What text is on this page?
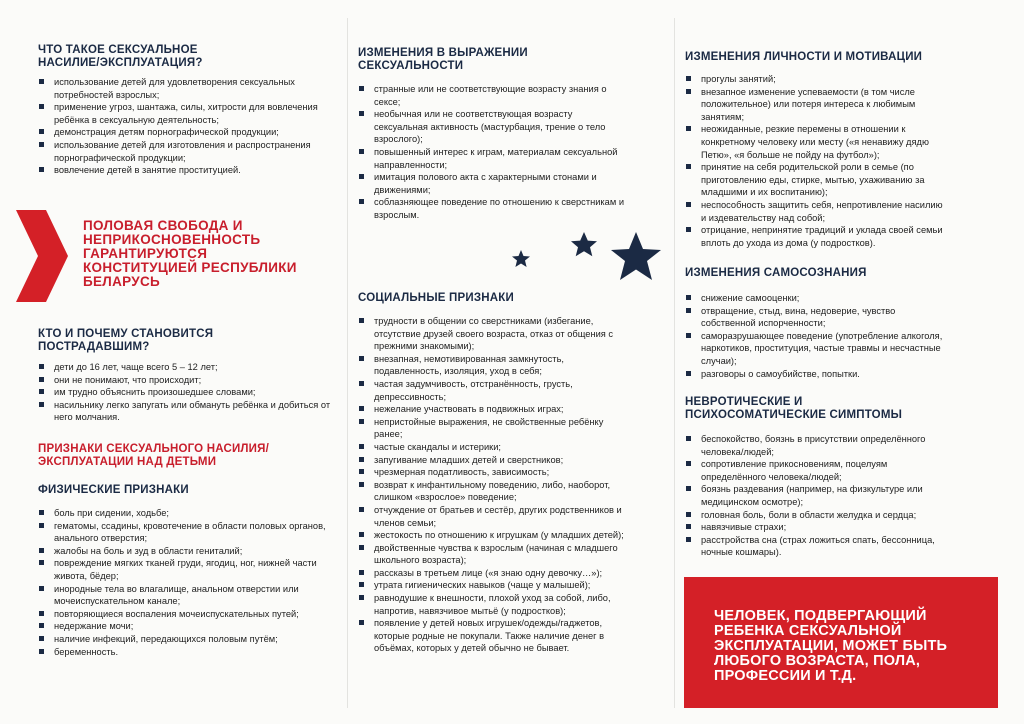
ЧТО ТАКОЕ СЕКСУАЛЬНОЕ НАСИЛИЕ/ЭКСПЛУАТАЦИЯ?
использование детей для удовлетворения сексуальных потребностей взрослых;
применение угроз, шантажа, силы, хитрости для вовлечения ребёнка в сексуальную деятельность;
демонстрация детям порнографической продукции;
использование детей для изготовления и распространения порнографической продукции;
вовлечение детей в занятие проституцией.
КТО И ПОЧЕМУ СТАНОВИТСЯ ПОСТРАДАВШИМ?
дети до 16 лет, чаще всего 5 – 12 лет;
они не понимают, что происходит;
им трудно объяснить произошедшее словами;
насильнику легко запугать или обмануть ребёнка и добиться от него молчания.
ПРИЗНАКИ СЕКСУАЛЬНОГО НАСИЛИЯ/ЭКСПЛУАТАЦИИ НАД ДЕТЬМИ
ФИЗИЧЕСКИЕ ПРИЗНАКИ
боль при сидении, ходьбе;
гематомы, ссадины, кровотечение в области половых органов, анального отверстия;
жалобы на боль и зуд в области гениталий;
повреждение мягких тканей груди, ягодиц, ног, нижней части живота, бёдер;
инородные тела во влагалище, анальном отверстии или мочеиспускательном канале;
повторяющиеся воспаления мочеиспускательных путей;
недержание мочи;
наличие инфекций, передающихся половым путём;
беременность.
ПОЛОВАЯ СВОБОДА И НЕПРИКОСНОВЕННОСТЬ ГАРАНТИРУЮТСЯ КОНСТИТУЦИЕЙ РЕСПУБЛИКИ БЕЛАРУСЬ
ИЗМЕНЕНИЯ В ВЫРАЖЕНИИ СЕКСУАЛЬНОСТИ
странные или не соответствующие возрасту знания о сексе;
необычная или не соответствующая возрасту сексуальная активность (мастурбация, трение о тело взрослого);
повышенный интерес к играм, материалам сексуальной направленности;
имитация полового акта с характерными стонами и движениями;
соблазняющее поведение по отношению к сверстникам и взрослым.
СОЦИАЛЬНЫЕ ПРИЗНАКИ
трудности в общении со сверстниками (избегание, отсутствие друзей своего возраста, отказ от общения с прежними знакомыми);
внезапная, немотивированная замкнутость, подавленность, изоляция, уход в себя;
частая задумчивость, отстранённость, грусть, депрессивность;
нежелание участвовать в подвижных играх;
непристойные выражения, не свойственные ребёнку ранее;
частые скандалы и истерики;
запугивание младших детей и сверстников;
чрезмерная податливость, зависимость;
возврат к инфантильному поведению, либо, наоборот, слишком «взрослое» поведение;
отчуждение от братьев и сестёр, других родственников и членов семьи;
жестокость по отношению к игрушкам (у младших детей);
двойственные чувства к взрослым (начиная с младшего школьного возраста);
рассказы в третьем лице («я знаю одну девочку…»);
утрата гигиенических навыков (чаще у малышей);
равнодушие к внешности, плохой уход за собой, либо, напротив, навязчивое мытьё (у подростков);
появление у детей новых игрушек/одежды/гаджетов, которые родные не покупали. Также наличие денег в объёмах, которых у детей обычно не бывает.
ИЗМЕНЕНИЯ ЛИЧНОСТИ И МОТИВАЦИИ
прогулы занятий;
внезапное изменение успеваемости (в том числе положительное) или потеря интереса к любимым занятиям;
неожиданные, резкие перемены в отношении к конкретному человеку или месту («я ненавижу дядю Петю», «я больше не пойду на футбол»);
принятие на себя родительской роли в семье (по приготовлению еды, стирке, мытью, ухаживанию за младшими и их воспитанию);
неспособность защитить себя, непротивление насилию и издевательству над собой;
отрицание, непринятие традиций и уклада своей семьи вплоть до ухода из дома (у подростков).
ИЗМЕНЕНИЯ САМОСОЗНАНИЯ
снижение самооценки;
отвращение, стыд, вина, недоверие, чувство собственной испорченности;
саморазрушающее поведение (употребление алкоголя, наркотиков, проституция, частые травмы и несчастные случаи);
разговоры о самоубийстве, попытки.
НЕВРОТИЧЕСКИЕ И ПСИХОСОМАТИЧЕСКИЕ СИМПТОМЫ
беспокойство, боязнь в присутствии определённого человека/людей;
сопротивление прикосновениям, поцелуям определённого человека/людей;
боязнь раздевания (например, на физкультуре или медицинском осмотре);
головная боль, боли в области желудка и сердца;
навязчивые страхи;
расстройства сна (страх ложиться спать, бессонница, ночные кошмары).
ЧЕЛОВЕК, ПОДВЕРГАЮЩИЙ РЕБЕНКА СЕКСУАЛЬНОЙ ЭКСПЛУАТАЦИИ, МОЖЕТ БЫТЬ ЛЮБОГО ВОЗРАСТА, ПОЛА, ПРОФЕССИИ И Т.Д.
